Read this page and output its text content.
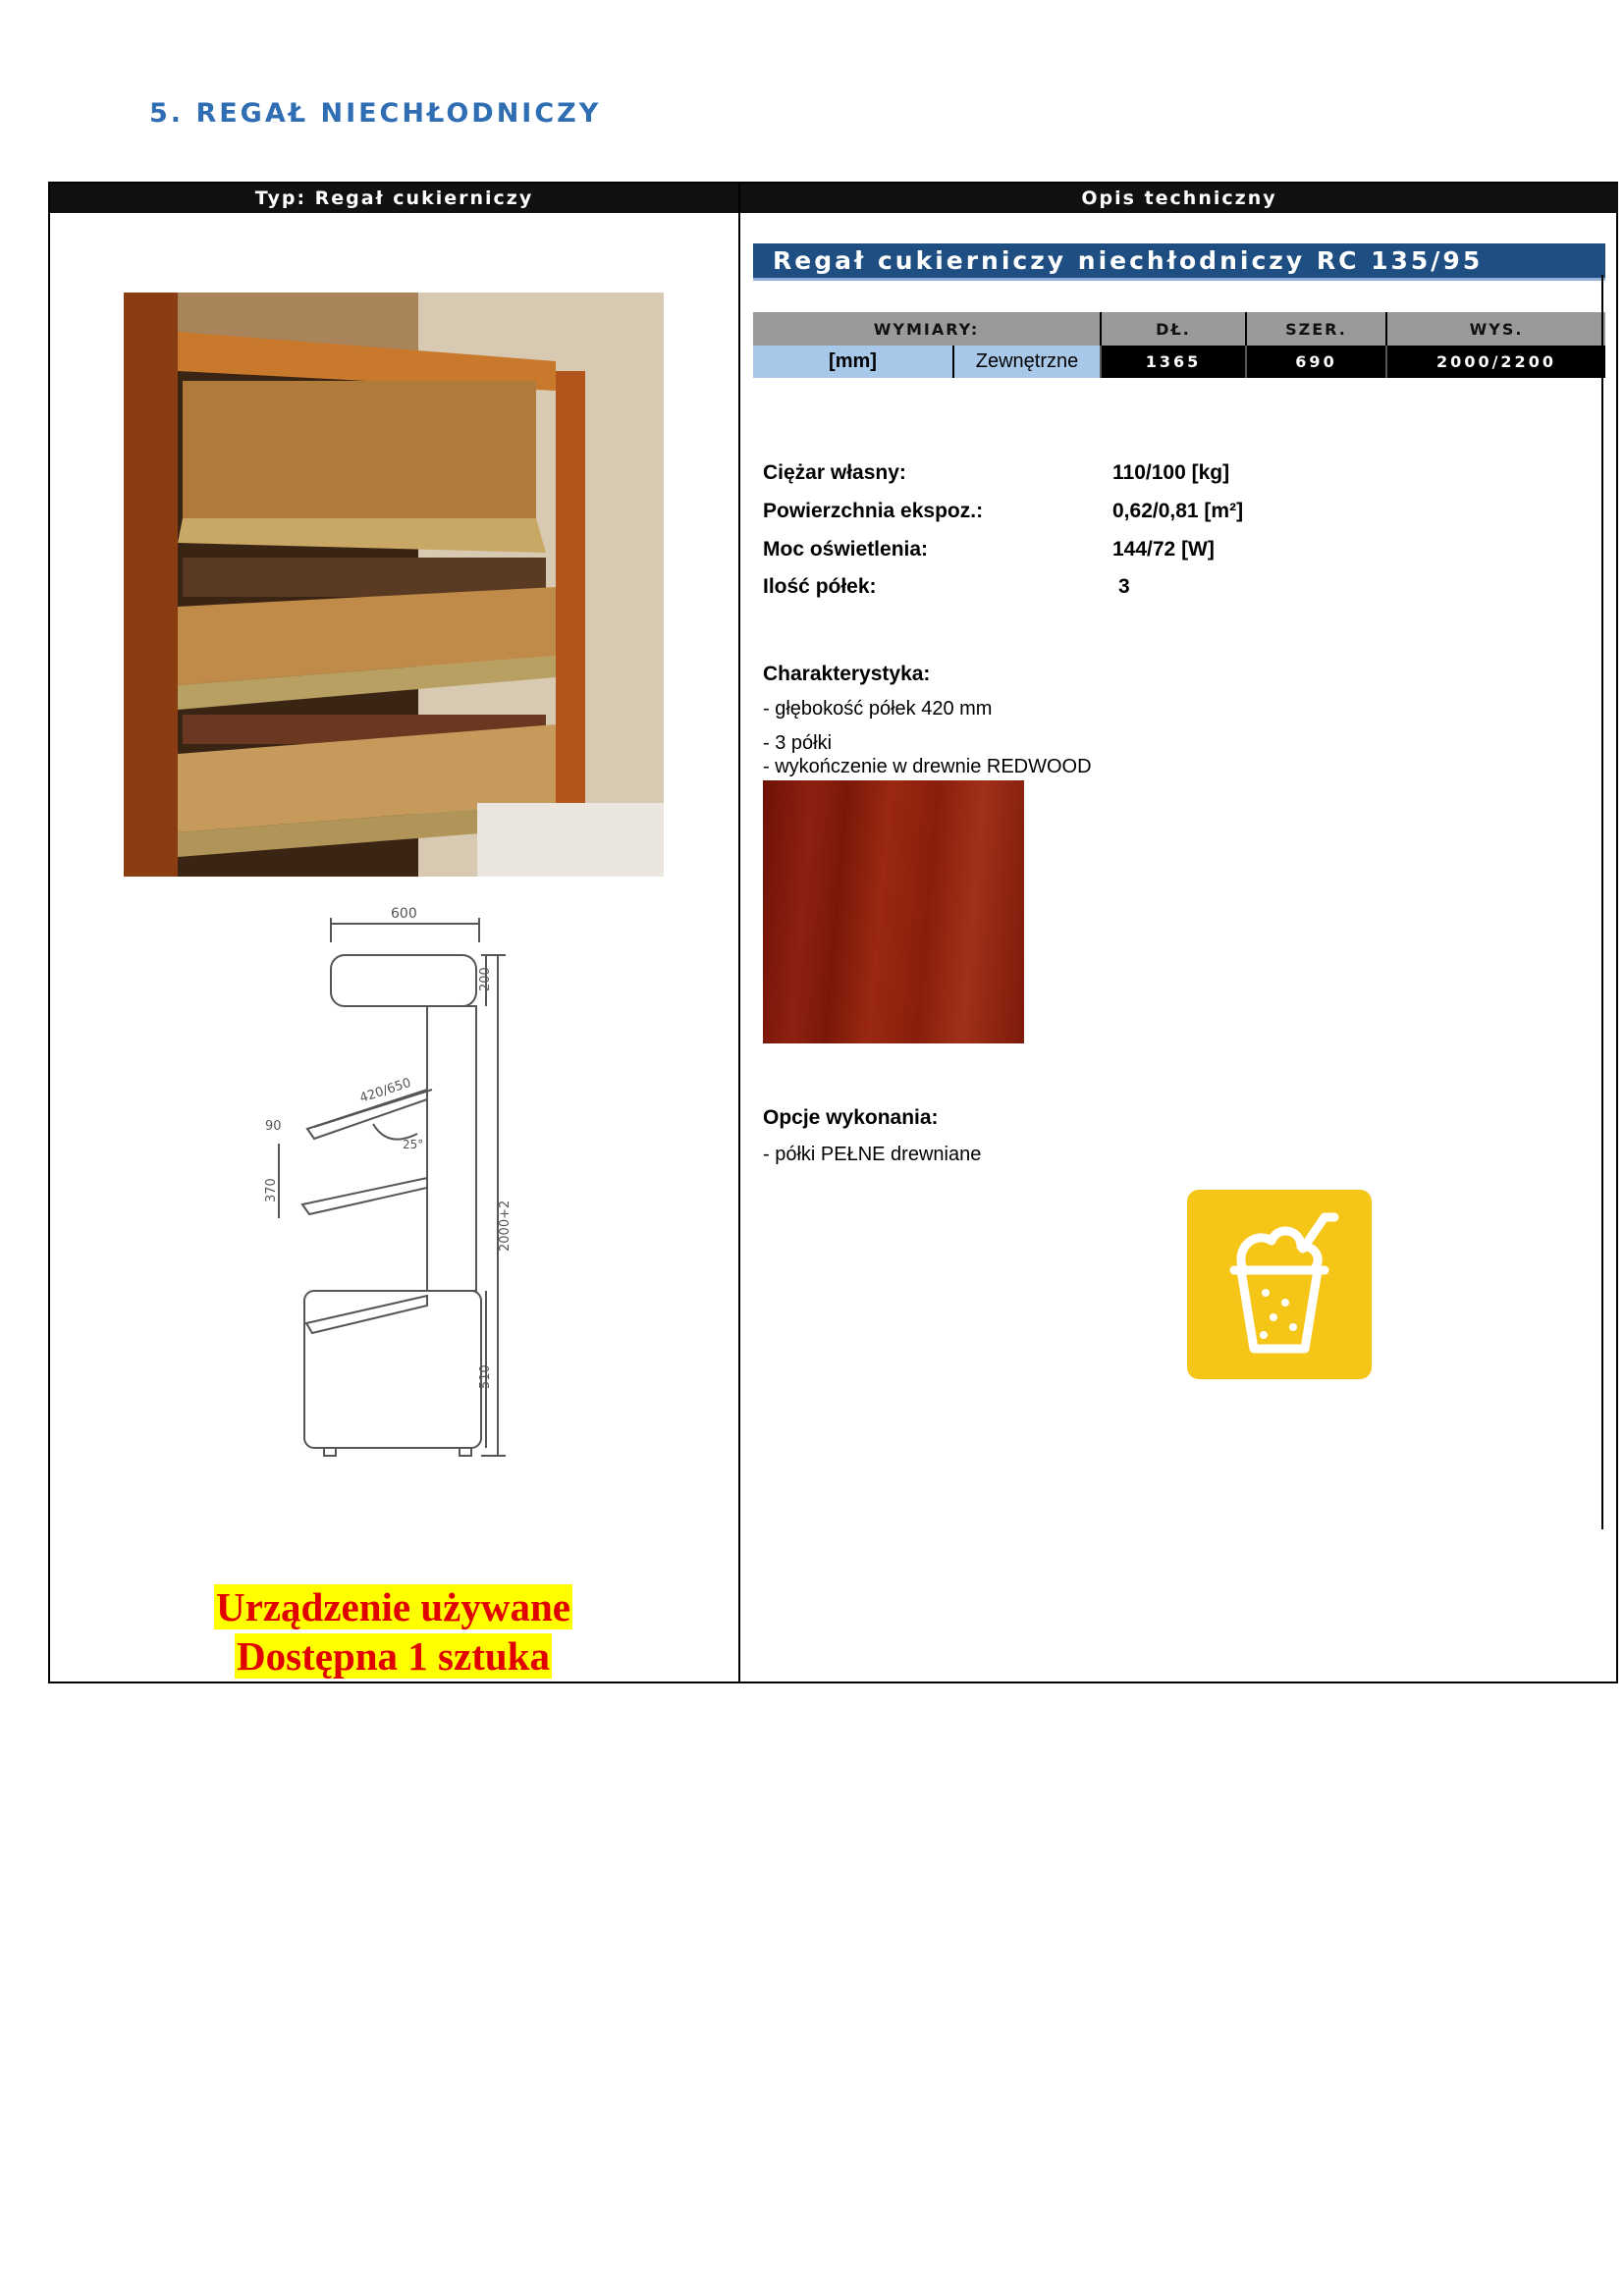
5. REGAŁ NIECHŁODNICZY
Typ: Regał cukierniczy	Opis techniczny
600
200
2000+2
420/650
90
25°
370
510
Urządzenie używane
Dostępna 1 sztuka
Regał cukierniczy niechłodniczy RC 135/95
WYMIARY:		DŁ.	SZER.	WYS.
[mm]	Zewnętrzne	1365	690	2000/2200
Ciężar własny:	110/100 [kg]
Powierzchnia ekspoz.:	0,62/0,81 [m²]
Moc oświetlenia:	144/72 [W]
Ilość półek:	3
Charakterystyka:
- głębokość półek 420 mm
- 3 półki
- wykończenie w drewnie REDWOOD
Opcje wykonania:
- półki PEŁNE drewniane
